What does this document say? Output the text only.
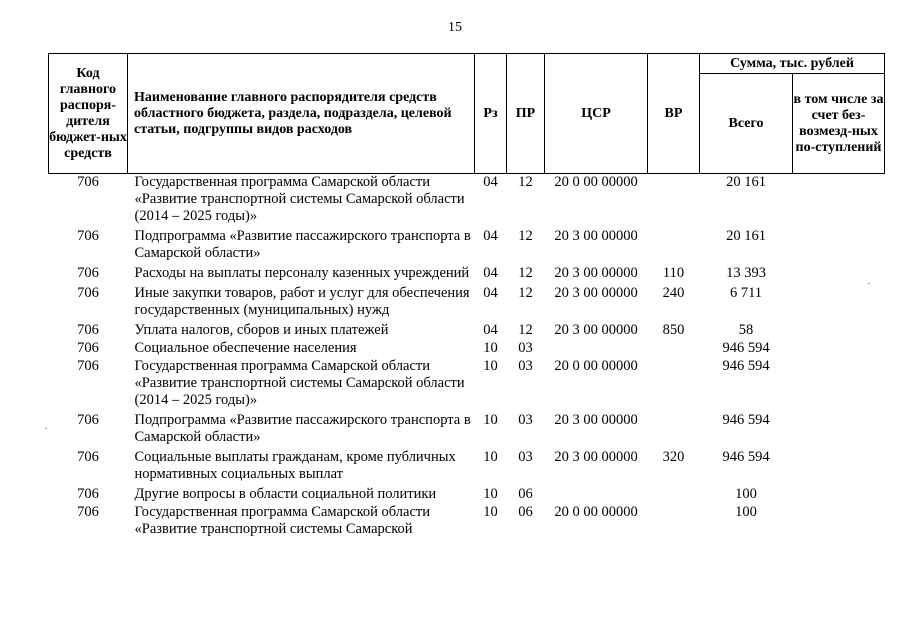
15
Код главного распоря-дителя бюджет-ных средств	Наименование главного распорядителя средств областного бюджета, раздела, подраздела, целевой статьи, подгруппы видов расходов	Рз	ПР	ЦСР	ВР	Сумма, тыс. рублей	
						Всего	в том числе за счет без-возмезд-ных по-ступлений
706	Государственная программа Самарской области «Развитие транспортной системы Самарской области (2014 – 2025 годы)»	04	12	20 0 00 00000		20 161	
706	Подпрограмма «Развитие пассажирского транспорта в Самарской области»	04	12	20 3 00 00000		20 161	
706	Расходы на выплаты персоналу казенных учреждений	04	12	20 3 00 00000	110	13 393	
706	Иные закупки товаров, работ и услуг для обеспечения государственных (муниципальных) нужд	04	12	20 3 00 00000	240	6 711	
706	Уплата налогов, сборов и иных платежей	04	12	20 3 00 00000	850	58	
706	Социальное обеспечение населения	10	03			946 594	
706	Государственная программа Самарской области «Развитие транспортной системы Самарской области (2014 – 2025 годы)»	10	03	20 0 00 00000		946 594	
706	Подпрограмма «Развитие пассажирского транспорта в Самарской области»	10	03	20 3 00 00000		946 594	
706	Социальные выплаты гражданам, кроме публичных нормативных социальных выплат	10	03	20 3 00 00000	320	946 594	
706	Другие вопросы в области социальной политики	10	06			100	
706	Государственная программа Самарской области «Развитие транспортной системы Самарской	10	06	20 0 00 00000		100	
